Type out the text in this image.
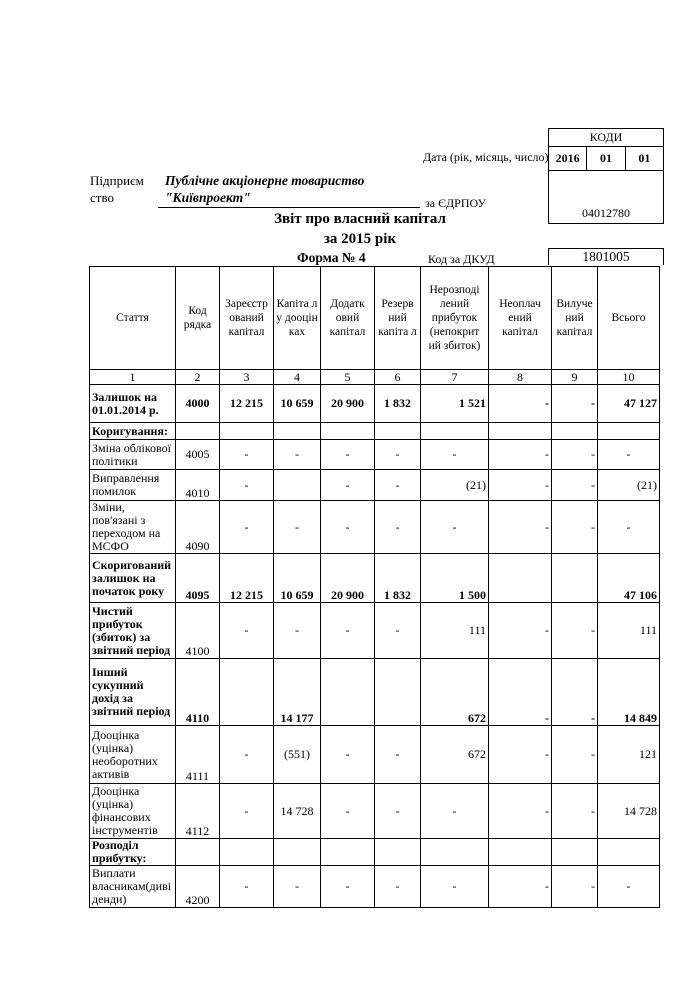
КОДИ
2016	01	01
04012780
Дата (рік, місяць, число)
Підприєм
ство
Публічне акціонерне товариство
"Київпроект"	за ЄДРПОУ
Звіт про власний капітал
за 2015 рік
Форма № 4	Код за ДКУД	1801005
Стаття	Код рядка	Зареєстр ований капітал	Капіта л у дооцін ках	Додатк овий капітал	Резерв ний капіта л	Нерозподі лений прибуток (непокрит ий збиток)	Неоплач ений капітал	Вилуче ний капітал	Всього
1	2	3	4	5	6	7	8	9	10
Залишок на 01.01.2014 р.	4000	12 215	10 659	20 900	1 832	1 521	-	-	47 127
Коригування:									
Зміна облікової політики	4005	-	-	-	-	-	-	-	-
Виправлення помилок	4010	-		-	-	(21)	-	-	(21)
Зміни, пов'язані з переходом на МСФО	4090	-	-	-	-	-	-	-	-
Скоригований залишок на початок року	4095	12 215	10 659	20 900	1 832	1 500			47 106
Чистий прибуток (збиток) за звітний період	4100	-	-	-	-	111	-	-	111
Інший сукупний дохід за звітний період	4110		14 177			672	-	-	14 849
Дооцінка (уцінка) необоротних активів	4111	-	(551)	-	-	672	-	-	121
Дооцінка (уцінка) фінансових інструментів	4112	-	14 728	-	-	-	-	-	14 728
Розподіл прибутку:									
Виплати власникам(диві денди)	4200	-	-	-	-	-	-	-	-
